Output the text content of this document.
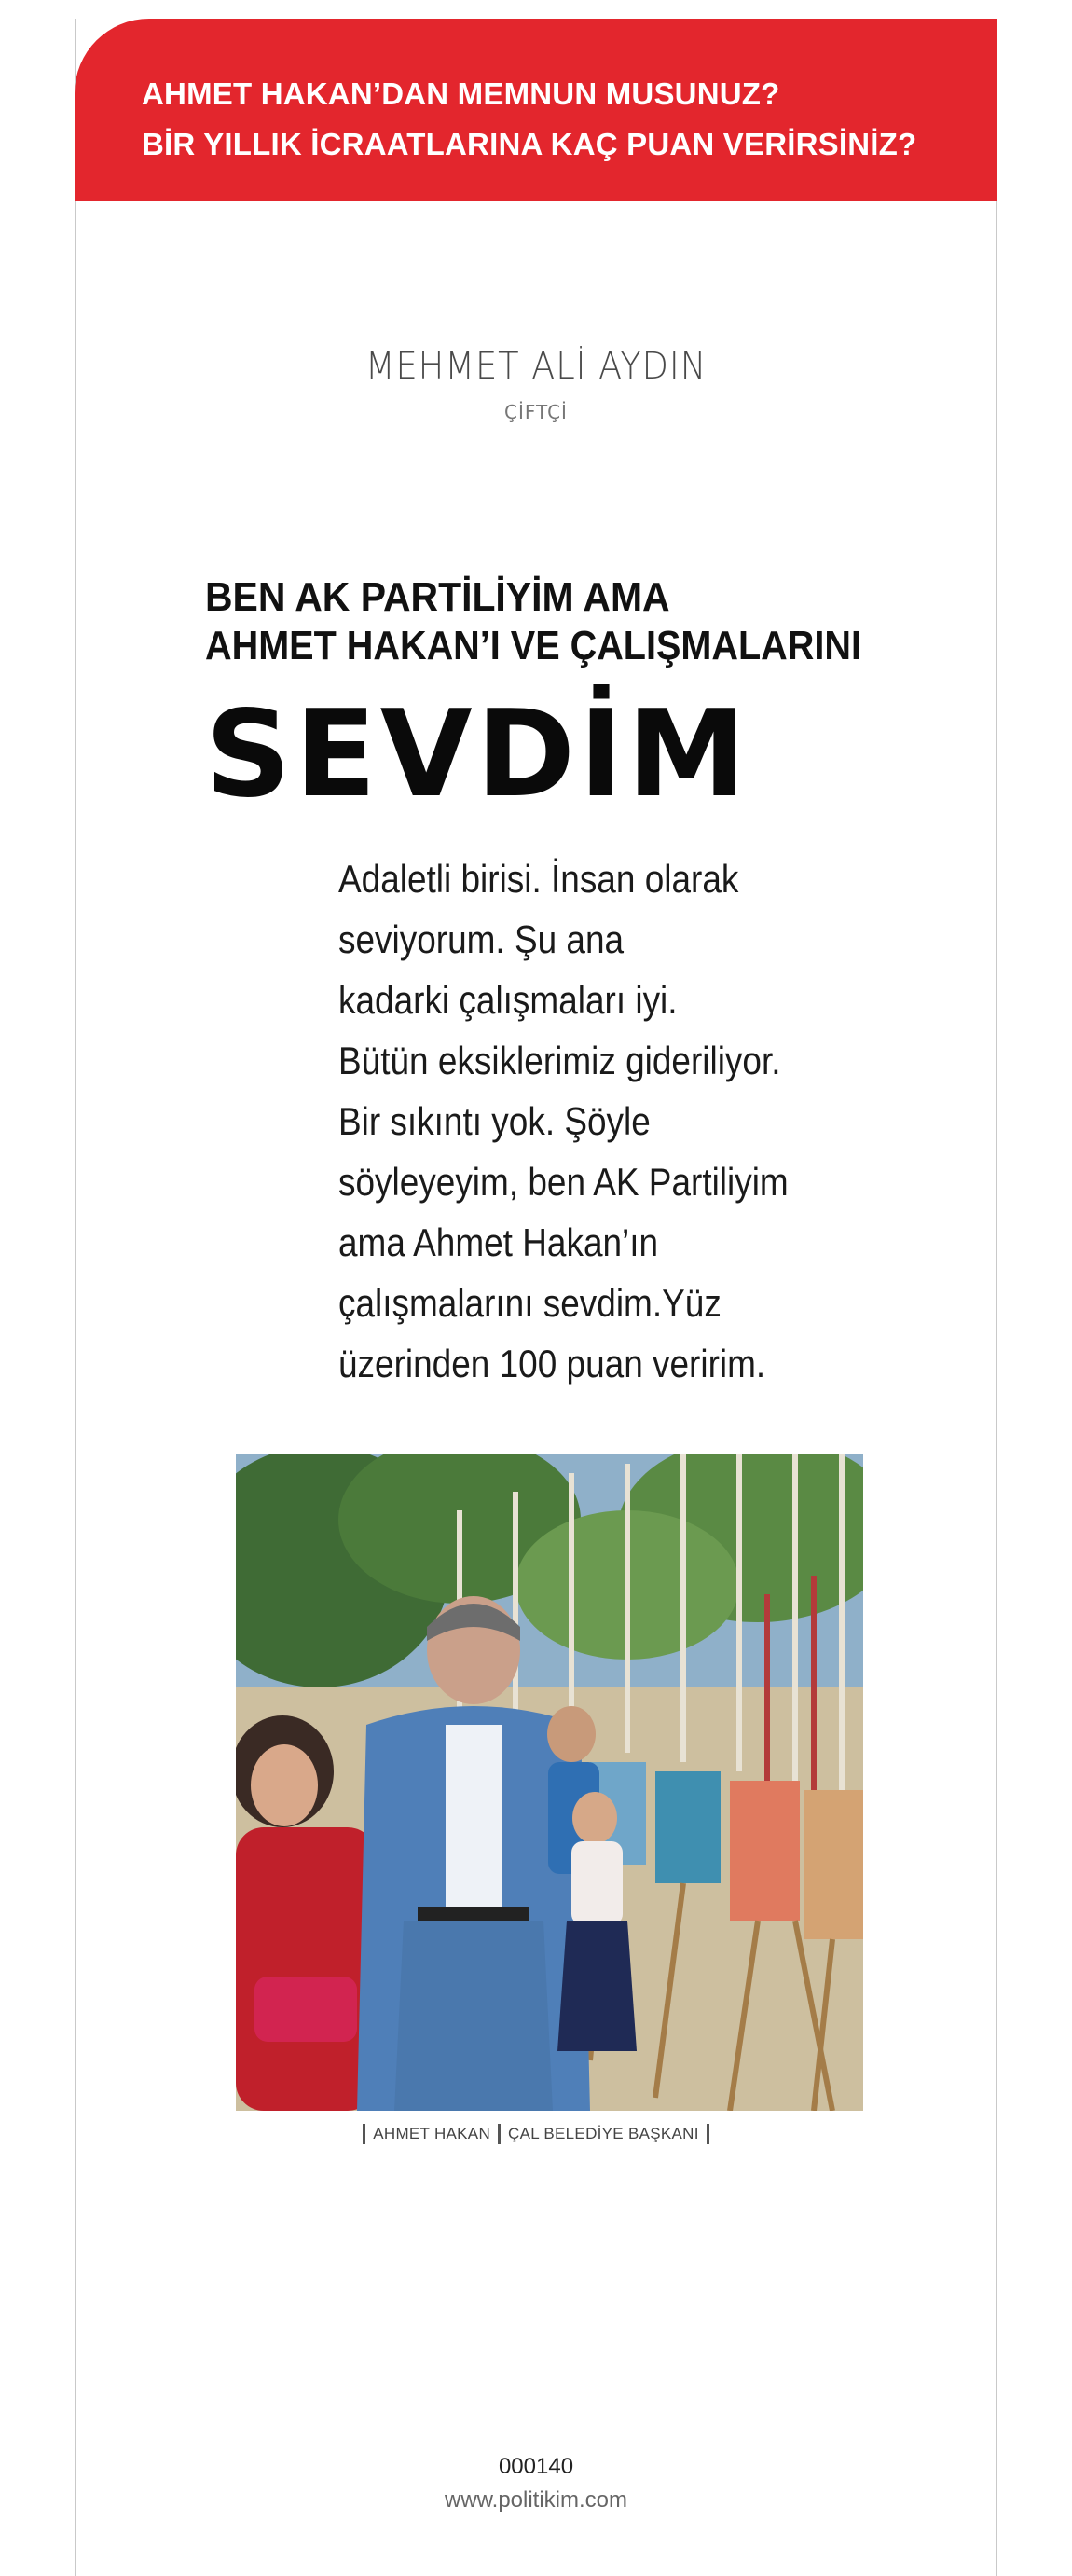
AHMET HAKAN’DAN MEMNUN MUSUNUZ?
BİR YILLIK İCRAATLARINA KAÇ PUAN VERİRSİNİZ?
MEHMET ALİ AYDIN
ÇİFTÇİ
BEN AK PARTİLİYİM AMA
AHMET HAKAN’I VE ÇALIŞMALARINI
SEVDİM
Adaletli birisi. İnsan olarak
seviyorum. Şu ana
kadarki çalışmaları iyi.
Bütün eksiklerimiz gideriliyor.
Bir sıkıntı yok. Şöyle
söyleyeyim, ben AK Partiliyim
ama Ahmet Hakan’ın
çalışmalarını sevdim.Yüz
üzerinden 100 puan veririm.
AHMET HAKAN ÇAL BELEDİYE BAŞKANI
000140
www.politikim.com
